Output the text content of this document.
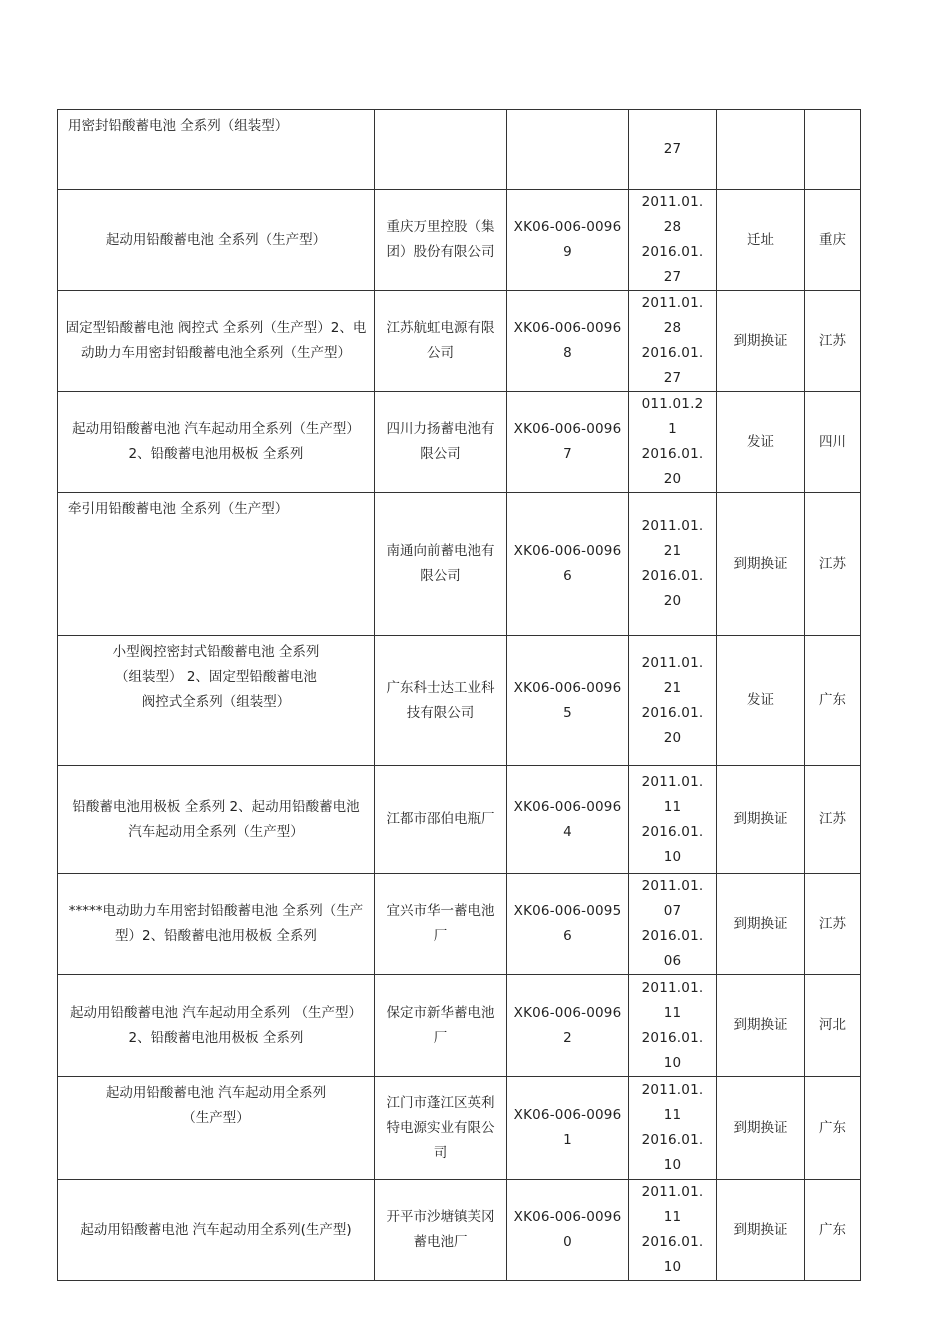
用密封铅酸蓄电池 全系列（组装型）			27		

起动用铅酸蓄电池 全系列（生产型）	重庆万里控股（集团）股份有限公司	XK06-006-00969	2011.01.
28
2016.01.
27	迁址	重庆

固定型铅酸蓄电池 阀控式 全系列（生产型）2、电动助力车用密封铅酸蓄电池全系列（生产型）	江苏航虹电源有限公司	XK06-006-00968	2011.01.
28
2016.01.
27	到期换证	江苏

起动用铅酸蓄电池 汽车起动用全系列（生产型） 2、铅酸蓄电池用极板 全系列	四川力扬蓄电池有限公司	XK06-006-00967	011.01.2
1
2016.01.
20	发证	四川

牵引用铅酸蓄电池 全系列（生产型）	南通向前蓄电池有限公司	XK06-006-00966	2011.01.
21
2016.01.
20	到期换证	江苏

小型阀控密封式铅酸蓄电池 全系列
（组装型） 2、固定型铅酸蓄电池
阀控式全系列（组装型）	广东科士达工业科技有限公司	XK06-006-00965	2011.01.
21
2016.01.
20	发证	广东

铅酸蓄电池用极板 全系列 2、起动用铅酸蓄电池 汽车起动用全系列（生产型）	江都市邵伯电瓶厂	XK06-006-00964	2011.01.
11
2016.01.
10	到期换证	江苏

*****电动助力车用密封铅酸蓄电池 全系列（生产型）2、铅酸蓄电池用极板 全系列	宜兴市华一蓄电池厂	XK06-006-00956	2011.01.
07
2016.01.
06	到期换证	江苏

起动用铅酸蓄电池 汽车起动用全系列 （生产型） 2、铅酸蓄电池用极板 全系列	保定市新华蓄电池厂	XK06-006-00962	2011.01.
11
2016.01.
10	到期换证	河北

起动用铅酸蓄电池 汽车起动用全系列
（生产型）	江门市蓬江区英利特电源实业有限公司	XK06-006-00961	2011.01.
11
2016.01.
10	到期换证	广东

起动用铅酸蓄电池 汽车起动用全系列(生产型)	开平市沙塘镇芙冈蓄电池厂	XK06-006-00960	2011.01.
11
2016.01.
10	到期换证	广东
